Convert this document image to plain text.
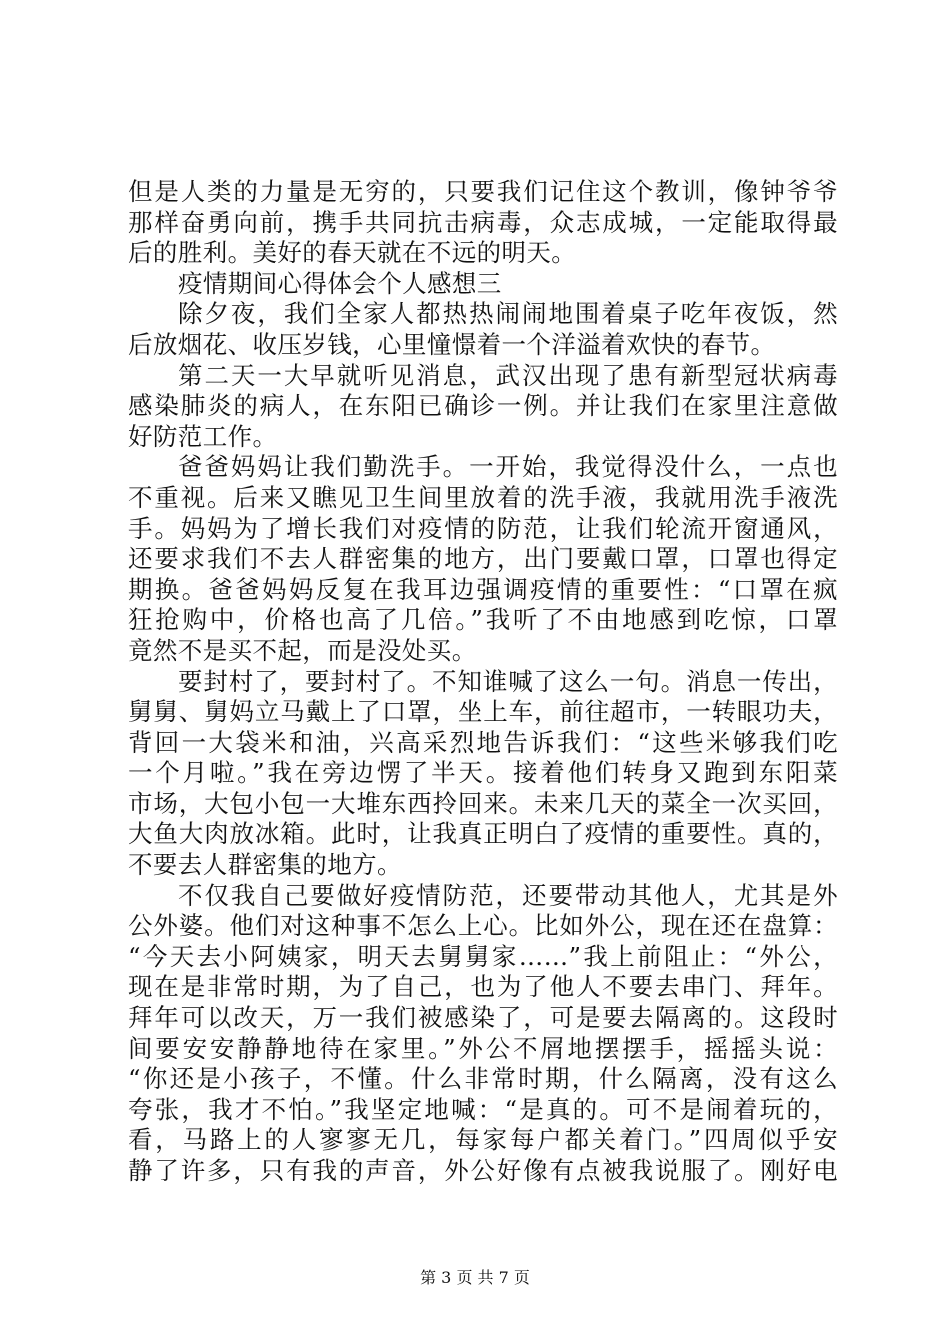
但是人类的力量是无穷的，只要我们记住这个教训，像钟爷爷
那样奋勇向前，携手共同抗击病毒，众志成城，一定能取得最
后的胜利。美好的春天就在不远的明天。
疫情期间心得体会个人感想三
除夕夜，我们全家人都热热闹闹地围着桌子吃年夜饭，然
后放烟花、收压岁钱，心里憧憬着一个洋溢着欢快的春节。
第二天一大早就听见消息，武汉出现了患有新型冠状病毒
感染肺炎的病人，在东阳已确诊一例。并让我们在家里注意做
好防范工作。
爸爸妈妈让我们勤洗手。一开始，我觉得没什么，一点也
不重视。后来又瞧见卫生间里放着的洗手液，我就用洗手液洗
手。妈妈为了增长我们对疫情的防范，让我们轮流开窗通风，
还要求我们不去人群密集的地方，出门要戴口罩，口罩也得定
期换。爸爸妈妈反复在我耳边强调疫情的重要性：“口罩在疯
狂抢购中，价格也高了几倍。”我听了不由地感到吃惊，口罩
竟然不是买不起，而是没处买。
要封村了，要封村了。不知谁喊了这么一句。消息一传出，
舅舅、舅妈立马戴上了口罩，坐上车，前往超市，一转眼功夫，
背回一大袋米和油，兴高采烈地告诉我们：“这些米够我们吃
一个月啦。”我在旁边愣了半天。接着他们转身又跑到东阳菜
市场，大包小包一大堆东西拎回来。未来几天的菜全一次买回，
大鱼大肉放冰箱。此时，让我真正明白了疫情的重要性。真的，
不要去人群密集的地方。
不仅我自己要做好疫情防范，还要带动其他人，尤其是外
公外婆。他们对这种事不怎么上心。比如外公，现在还在盘算：
“今天去小阿姨家，明天去舅舅家……”我上前阻止：“外公，
现在是非常时期，为了自己，也为了他人不要去串门、拜年。
拜年可以改天，万一我们被感染了，可是要去隔离的。这段时
间要安安静静地待在家里。”外公不屑地摆摆手，摇摇头说：
“你还是小孩子，不懂。什么非常时期，什么隔离，没有这么
夸张，我才不怕。”我坚定地喊：“是真的。可不是闹着玩的，
看，马路上的人寥寥无几，每家每户都关着门。”四周似乎安
静了许多，只有我的声音，外公好像有点被我说服了。刚好电
第 3 页 共 7 页
